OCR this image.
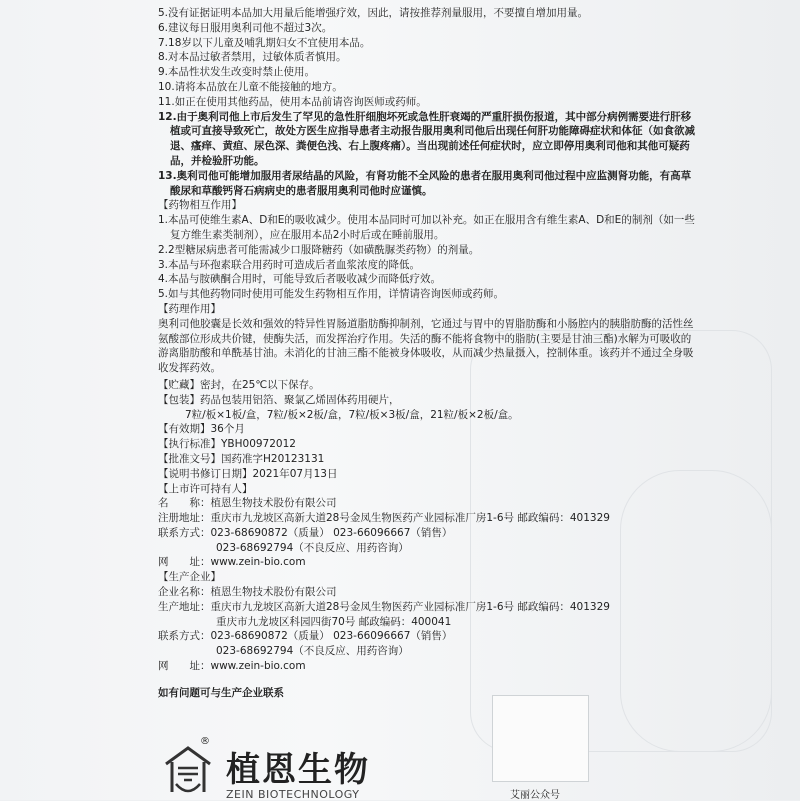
5.没有证据证明本品加大用量后能增强疗效，因此，请按推荐剂量服用，不要擅自增加用量。
6.建议每日服用奥利司他不超过3次。
7.18岁以下儿童及哺乳期妇女不宜使用本品。
8.对本品过敏者禁用，过敏体质者慎用。
9.本品性状发生改变时禁止使用。
10.请将本品放在儿童不能接触的地方。
11.如正在使用其他药品，使用本品前请咨询医师或药师。
12.由于奥利司他上市后发生了罕见的急性肝细胞坏死或急性肝衰竭的严重肝损伤报道，其中部分病例需要进行肝移
植或可直接导致死亡，故处方医生应指导患者主动报告服用奥利司他后出现任何肝功能障碍症状和体征（如食欲减
退、瘙痒、黄疸、尿色深、粪便色浅、右上腹疼痛）。当出现前述任何症状时，应立即停用奥利司他和其他可疑药
品，并检验肝功能。
13.奥利司他可能增加服用者尿结晶的风险，有肾功能不全风险的患者在服用奥利司他过程中应监测肾功能，有高草
酸尿和草酸钙肾石病病史的患者服用奥利司他时应谨慎。
【药物相互作用】
1.本品可使维生素A、D和E的吸收减少。使用本品同时可加以补充。如正在服用含有维生素A、D和E的制剂（如一些
复方维生素类制剂），应在服用本品2小时后或在睡前服用。
2.2型糖尿病患者可能需减少口服降糖药（如磺酰脲类药物）的剂量。
3.本品与环孢素联合用药时可造成后者血浆浓度的降低。
4.本品与胺碘酮合用时，可能导致后者吸收减少而降低疗效。
5.如与其他药物同时使用可能发生药物相互作用，详情请咨询医师或药师。
【药理作用】
奥利司他胶囊是长效和强效的特异性胃肠道脂肪酶抑制剂，它通过与胃中的胃脂肪酶和小肠腔内的胰脂肪酶的活性丝
氨酸部位形成共价键，使酶失活，而发挥治疗作用。失活的酶不能将食物中的脂肪(主要是甘油三酯)水解为可吸收的
游离脂肪酸和单酰基甘油。未消化的甘油三酯不能被身体吸收，从而减少热量摄入，控制体重。该药并不通过全身吸
收发挥药效。
【贮藏】密封，在25℃以下保存。
【包装】药品包装用铝箔、聚氯乙烯固体药用硬片，
7粒/板×1板/盒，7粒/板×2板/盒，7粒/板×3板/盒，21粒/板×2板/盒。
【有效期】36个月
【执行标准】YBH00972012
【批准文号】国药准字H20123131
【说明书修订日期】2021年07月13日
【上市许可持有人】
名　　称：植恩生物技术股份有限公司
注册地址：重庆市九龙坡区高新大道28号金凤生物医药产业园标准厂房1-6号 邮政编码：401329
联系方式：023-68690872（质量） 023-66096667（销售）
023-68692794（不良反应、用药咨询）
网　　址：www.zein-bio.com
【生产企业】
企业名称：植恩生物技术股份有限公司
生产地址：重庆市九龙坡区高新大道28号金凤生物医药产业园标准厂房1-6号 邮政编码：401329
重庆市九龙坡区科园四街70号 邮政编码：400041
联系方式：023-68690872（质量） 023-66096667（销售）
023-68692794（不良反应、用药咨询）
网　　址：www.zein-bio.com
如有问题可与生产企业联系
®
植恩生物
ZEIN BIOTECHNOLOGY	艾丽公众号
